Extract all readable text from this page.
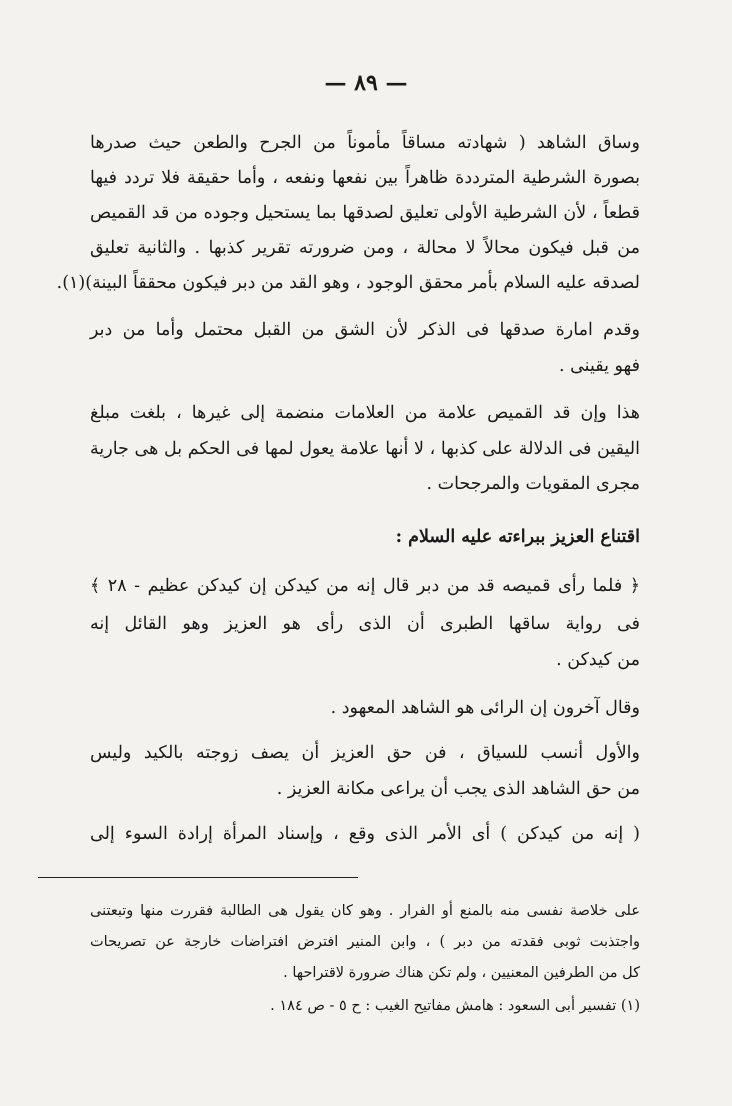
— ٨٩ —
وساق الشاهد ( شهادته مساقاً مأموناً من الجرح والطعن حيث صدرها
بصورة الشرطية المترددة ظاهراً بين نفعها ونفعه ، وأما حقيقة فلا تردد فيها
قطعاً ، لأن الشرطية الأولى تعليق لصدقها بما يستحيل وجوده من قد القميص
من قبل فيكون محالاً لا محالة ، ومن ضرورته تقرير كذبها . والثانية تعليق
لصدقه عليه السلام بأمر محقق الوجود ، وهو القد من دبر فيكون محققاً البينة)(١).
وقدم امارة صدقها فى الذكر لأن الشق من القبل محتمل وأما من دبر
فهو يقينى .
هذا وإن قد القميص علامة من العلامات منضمة إلى غيرها ، بلغت مبلغ
اليقين فى الدلالة على كذبها ، لا أنها علامة يعول لمها فى الحكم بل هى جارية
مجرى المقويات والمرجحات .
اقتناع العزيز ببراءته عليه السلام :
﴿ فلما رأى قميصه قد من دبر قال إنه من كيدكن إن كيدكن عظيم - ٢٨ ﴾
فى رواية ساقها الطبرى أن الذى رأى هو العزيز وهو القائل إنه
من كيدكن .
وقال آخرون إن الرائى هو الشاهد المعهود .
والأول أنسب للسياق ، فن حق العزيز أن يصف زوجته بالكيد وليس
من حق الشاهد الذى يجب أن يراعى مكانة العزيز .
( إنه من كيدكن ) أى الأمر الذى وقع ، وإسناد المرأة إرادة السوء إلى
على خلاصة نفسى منه بالمنع أو الفرار . وهو كان يقول هى الطالبة فقررت منها وتبعتنى
واجتذبت ثوبى فقدته من دبر ) ، وابن المنير افترض افتراضات خارجة عن تصريحات
كل من الطرفين المعنيين ، ولم تكن هناك ضرورة لاقتراحها .
(١) تفسير أبى السعود : هامش مفاتيح الغيب : ح ٥ - ص ١٨٤ .
